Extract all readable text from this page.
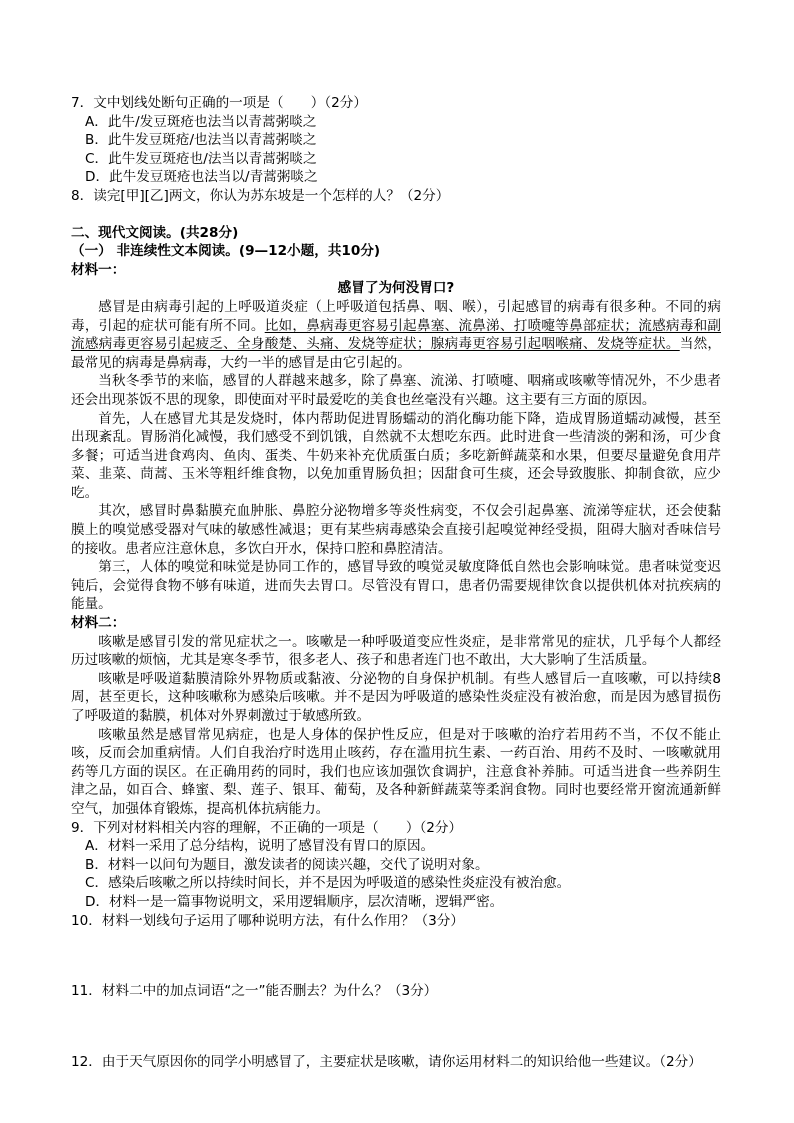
7．文中划线处断句正确的一项是（　　）（2分）
A．此牛/发豆斑疮也法当以青蒿粥啖之
B．此牛发豆斑疮/也法当以青蒿粥啖之
C．此牛发豆斑疮也/法当以青蒿粥啖之
D．此牛发豆斑疮也法当以/青蒿粥啖之
8．读完[甲][乙]两文，你认为苏东坡是一个怎样的人？（2分）
二、现代文阅读。(共28分)
（一） 非连续性文本阅读。(9—12小题，共10分)
材料一：
感冒了为何没胃口?

感冒是由病毒引起的上呼吸道炎症（上呼吸道包括鼻、咽、喉），引起感冒的病毒有很多种。不同的病毒，引起的症状可能有所不同。比如，鼻病毒更容易引起鼻塞、流鼻涕、打喷嚏等鼻部症状；流感病毒和副流感病毒更容易引起疲乏、全身酸楚、头痛、发烧等症状；腺病毒更容易引起咽喉痛、发烧等症状。当然，最常见的病毒是鼻病毒，大约一半的感冒是由它引起的。

当秋冬季节的来临，感冒的人群越来越多，除了鼻塞、流涕、打喷嚏、咽痛或咳嗽等情况外，不少患者还会出现茶饭不思的现象，即使面对平时最爱吃的美食也丝毫没有兴趣。这主要有三方面的原因。

首先，人在感冒尤其是发烧时，体内帮助促进胃肠蠕动的消化酶功能下降，造成胃肠道蠕动减慢，甚至出现紊乱。胃肠消化减慢，我们感受不到饥饿，自然就不太想吃东西。此时进食一些清淡的粥和汤，可少食多餐；可适当进食鸡肉、鱼肉、蛋类、牛奶来补充优质蛋白质；多吃新鲜蔬菜和水果，但要尽量避免食用芹菜、韭菜、茼蒿、玉米等粗纤维食物，以免加重胃肠负担；因甜食可生痰，还会导致腹胀、抑制食欲，应少吃。

其次，感冒时鼻黏膜充血肿胀、鼻腔分泌物增多等炎性病变，不仅会引起鼻塞、流涕等症状，还会使黏膜上的嗅觉感受器对气味的敏感性减退；更有某些病毒感染会直接引起嗅觉神经受损，阻碍大脑对香味信号的接收。患者应注意休息，多饮白开水，保持口腔和鼻腔清洁。

第三，人体的嗅觉和味觉是协同工作的，感冒导致的嗅觉灵敏度降低自然也会影响味觉。患者味觉变迟钝后，会觉得食物不够有味道，进而失去胃口。尽管没有胃口，患者仍需要规律饮食以提供机体对抗疾病的能量。

材料二：

咳嗽是感冒引发的常见症状之一。咳嗽是一种呼吸道变应性炎症，是非常常见的症状，几乎每个人都经历过咳嗽的烦恼，尤其是寒冬季节，很多老人、孩子和患者连门也不敢出，大大影响了生活质量。

咳嗽是呼吸道黏膜清除外界物质或黏液、分泌物的自身保护机制。有些人感冒后一直咳嗽，可以持续8周，甚至更长，这种咳嗽称为感染后咳嗽。并不是因为呼吸道的感染性炎症没有被治愈，而是因为感冒损伤了呼吸道的黏膜，机体对外界刺激过于敏感所致。

咳嗽虽然是感冒常见病症，也是人身体的保护性反应，但是对于咳嗽的治疗若用药不当，不仅不能止咳，反而会加重病情。人们自我治疗时选用止咳药，存在滥用抗生素、一药百治、用药不及时、一咳嗽就用药等几方面的误区。在正确用药的同时，我们也应该加强饮食调护，注意食补养肺。可适当进食一些养阴生津之品，如百合、蜂蜜、梨、莲子、银耳、葡萄，及各种新鲜蔬菜等柔润食物。同时也要经常开窗流通新鲜空气，加强体育锻炼，提高机体抗病能力。

9．下列对材料相关内容的理解，不正确的一项是（　　）（2分）
A．材料一采用了总分结构，说明了感冒没有胃口的原因。
B．材料一以问句为题目，激发读者的阅读兴趣，交代了说明对象。
C．感染后咳嗽之所以持续时间长，并不是因为呼吸道的感染性炎症没有被治愈。
D．材料一是一篇事物说明文，采用逻辑顺序，层次清晰，逻辑严密。
10．材料一划线句子运用了哪种说明方法，有什么作用？（3分）
11．材料二中的加点词语“之一”能否删去？为什么？（3分）
12．由于天气原因你的同学小明感冒了，主要症状是咳嗽，请你运用材料二的知识给他一些建议。（2分）
